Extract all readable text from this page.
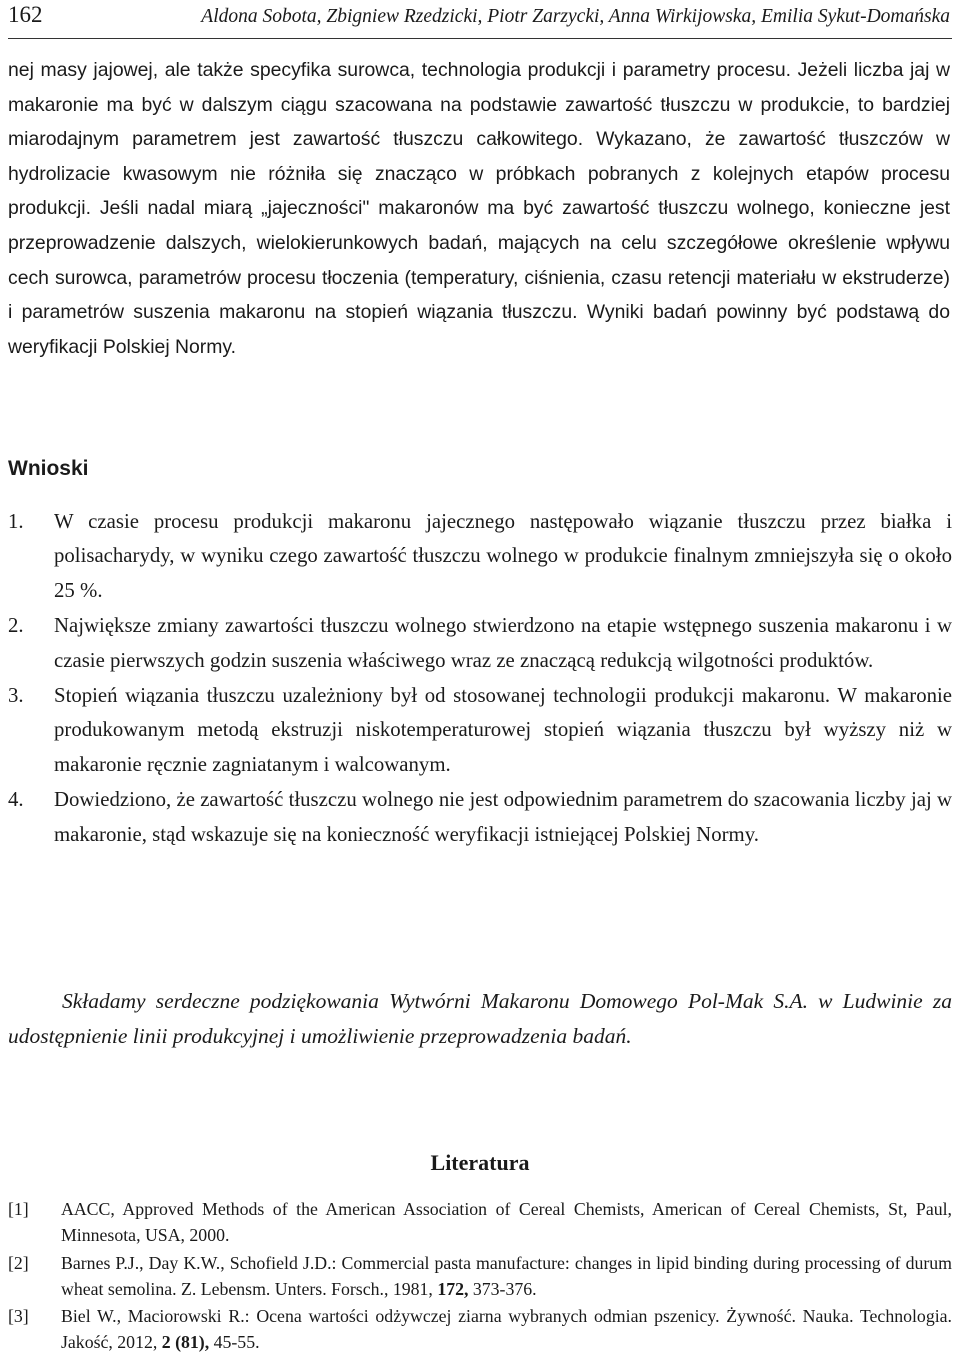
162	Aldona Sobota, Zbigniew Rzedzicki, Piotr Zarzycki, Anna Wirkijowska, Emilia Sykut-Domańska

nej masy jajowej, ale także specyfika surowca, technologia produkcji i parametry procesu. Jeżeli liczba jaj w makaronie ma być w dalszym ciągu szacowana na podstawie zawartość tłuszczu w produkcie, to bardziej miarodajnym parametrem jest zawartość tłuszczu całkowitego. Wykazano, że zawartość tłuszczów w hydrolizacie kwasowym nie różniła się znacząco w próbkach pobranych z kolejnych etapów procesu produkcji. Jeśli nadal miarą „jajeczności" makaronów ma być zawartość tłuszczu wolnego, konieczne jest przeprowadzenie dalszych, wielokierunkowych badań, mających na celu szczegółowe określenie wpływu cech surowca, parametrów procesu tłoczenia (temperatury, ciśnienia, czasu retencji materiału w ekstruderze) i parametrów suszenia makaronu na stopień wiązania tłuszczu. Wyniki badań powinny być podstawą do weryfikacji Polskiej Normy.

Wnioski
1. W czasie procesu produkcji makaronu jajecznego następowało wiązanie tłuszczu przez białka i polisacharydy, w wyniku czego zawartość tłuszczu wolnego w produkcie finalnym zmniejszyła się o około 25 %.
2. Największe zmiany zawartości tłuszczu wolnego stwierdzono na etapie wstępnego suszenia makaronu i w czasie pierwszych godzin suszenia właściwego wraz ze znaczącą redukcją wilgotności produktów.
3. Stopień wiązania tłuszczu uzależniony był od stosowanej technologii produkcji makaronu. W makaronie produkowanym metodą ekstruzji niskotemperaturowej stopień wiązania tłuszczu był wyższy niż w makaronie ręcznie zagniatanym i walcowanym.
4. Dowiedziono, że zawartość tłuszczu wolnego nie jest odpowiednim parametrem do szacowania liczby jaj w makaronie, stąd wskazuje się na konieczność weryfikacji istniejącej Polskiej Normy.

Składamy serdeczne podziękowania Wytwórni Makaronu Domowego Pol-Mak S.A. w Ludwinie za udostępnienie linii produkcyjnej i umożliwienie przeprowadzenia badań.

Literatura
[1] AACC, Approved Methods of the American Association of Cereal Chemists, American of Cereal Chemists, St, Paul, Minnesota, USA, 2000.
[2] Barnes P.J., Day K.W., Schofield J.D.: Commercial pasta manufacture: changes in lipid binding during processing of durum wheat semolina. Z. Lebensm. Unters. Forsch., 1981, 172, 373-376.
[3] Biel W., Maciorowski R.: Ocena wartości odżywczej ziarna wybranych odmian pszenicy. Żywność. Nauka. Technologia. Jakość, 2012, 2 (81), 45-55.
